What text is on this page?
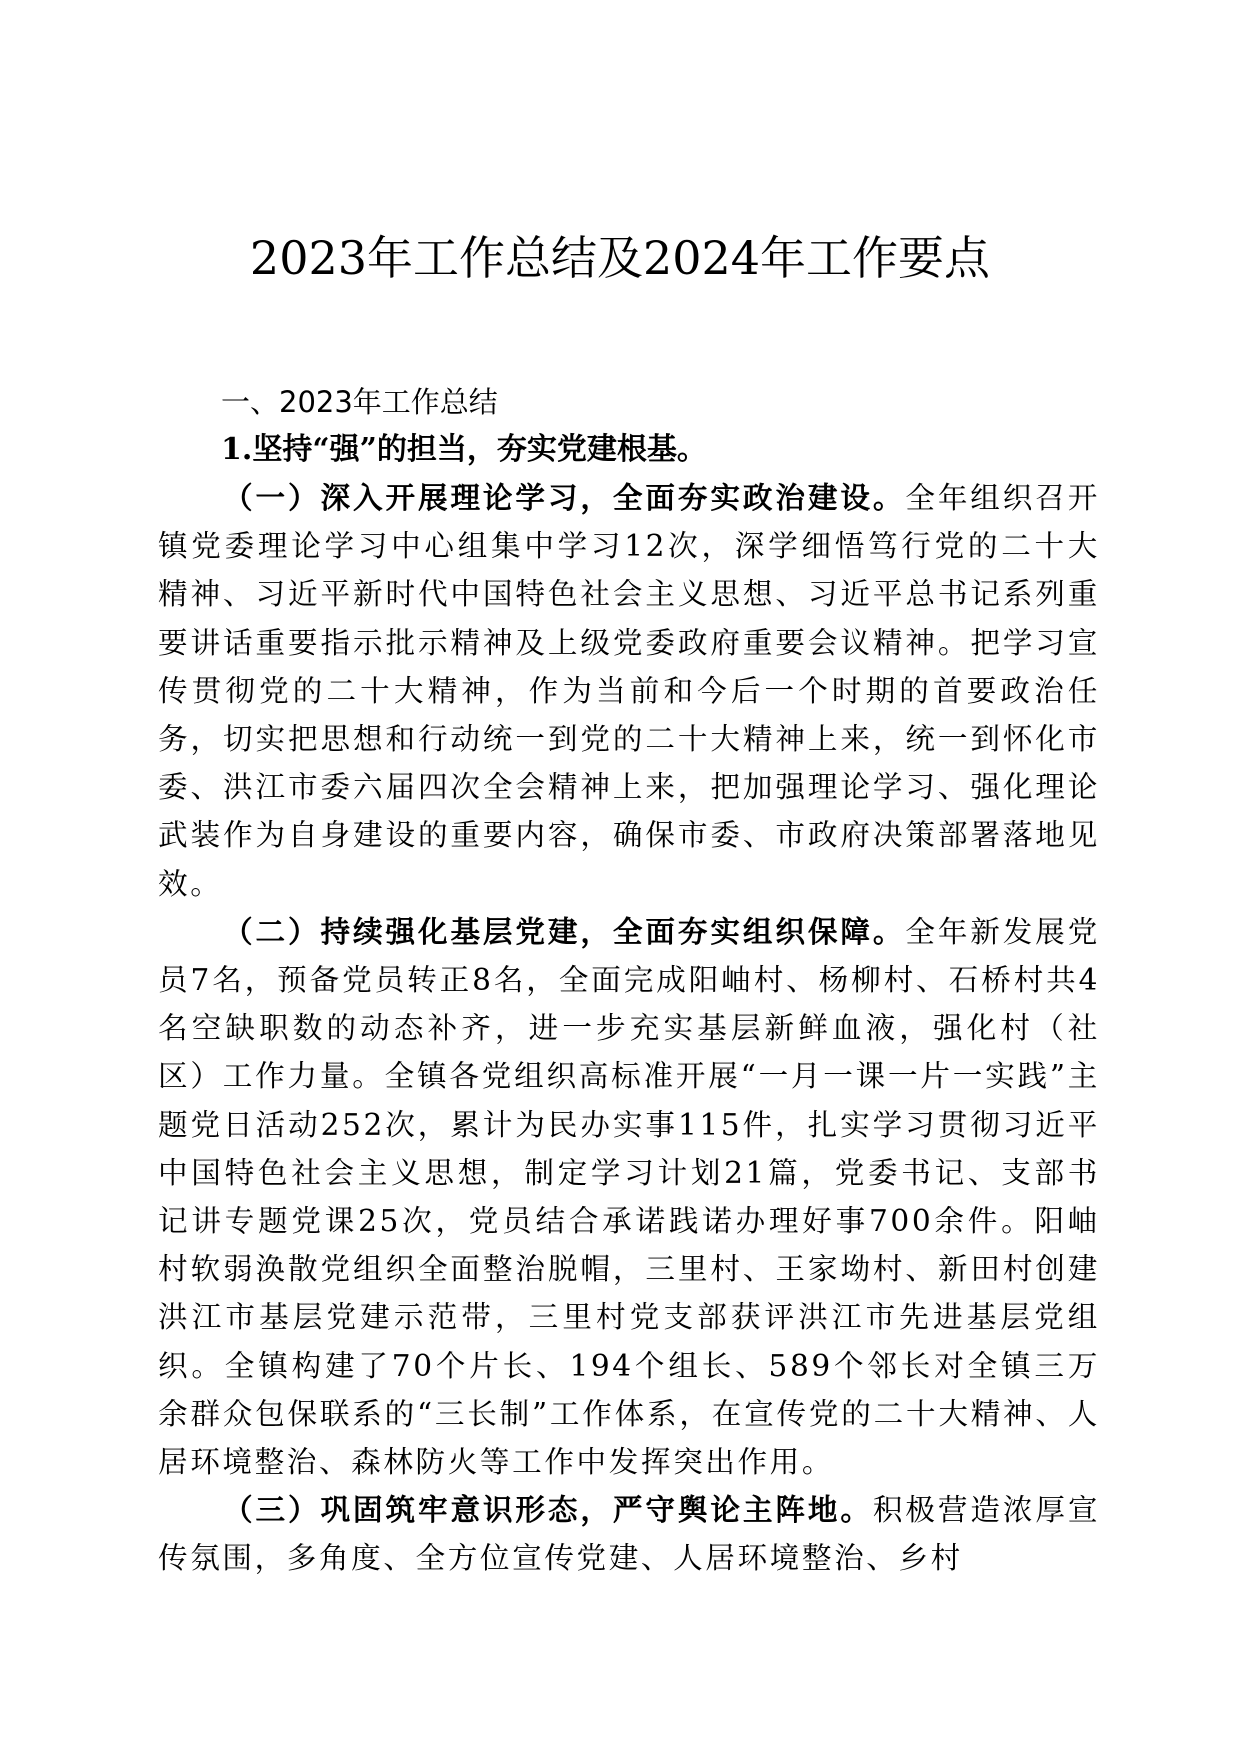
2023年工作总结及2024年工作要点

一、2023年工作总结

1.坚持“强”的担当，夯实党建根基。

（一）深入开展理论学习，全面夯实政治建设。全年组织召开镇党委理论学习中心组集中学习12次，深学细悟笃行党的二十大精神、习近平新时代中国特色社会主义思想、习近平总书记系列重要讲话重要指示批示精神及上级党委政府重要会议精神。把学习宣传贯彻党的二十大精神，作为当前和今后一个时期的首要政治任务，切实把思想和行动统一到党的二十大精神上来，统一到怀化市委、洪江市委六届四次全会精神上来，把加强理论学习、强化理论武装作为自身建设的重要内容，确保市委、市政府决策部署落地见效。

（二）持续强化基层党建，全面夯实组织保障。全年新发展党员7名，预备党员转正8名，全面完成阳岫村、杨柳村、石桥村共4名空缺职数的动态补齐，进一步充实基层新鲜血液，强化村（社区）工作力量。全镇各党组织高标准开展“一月一课一片一实践”主题党日活动252次，累计为民办实事115件，扎实学习贯彻习近平中国特色社会主义思想，制定学习计划21篇，党委书记、支部书记讲专题党课25次，党员结合承诺践诺办理好事700余件。阳岫村软弱涣散党组织全面整治脱帽，三里村、王家坳村、新田村创建洪江市基层党建示范带，三里村党支部获评洪江市先进基层党组织。全镇构建了70个片长、194个组长、589个邻长对全镇三万余群众包保联系的“三长制”工作体系，在宣传党的二十大精神、人居环境整治、森林防火等工作中发挥突出作用。

（三）巩固筑牢意识形态，严守舆论主阵地。积极营造浓厚宣传氛围，多角度、全方位宣传党建、人居环境整治、乡村
